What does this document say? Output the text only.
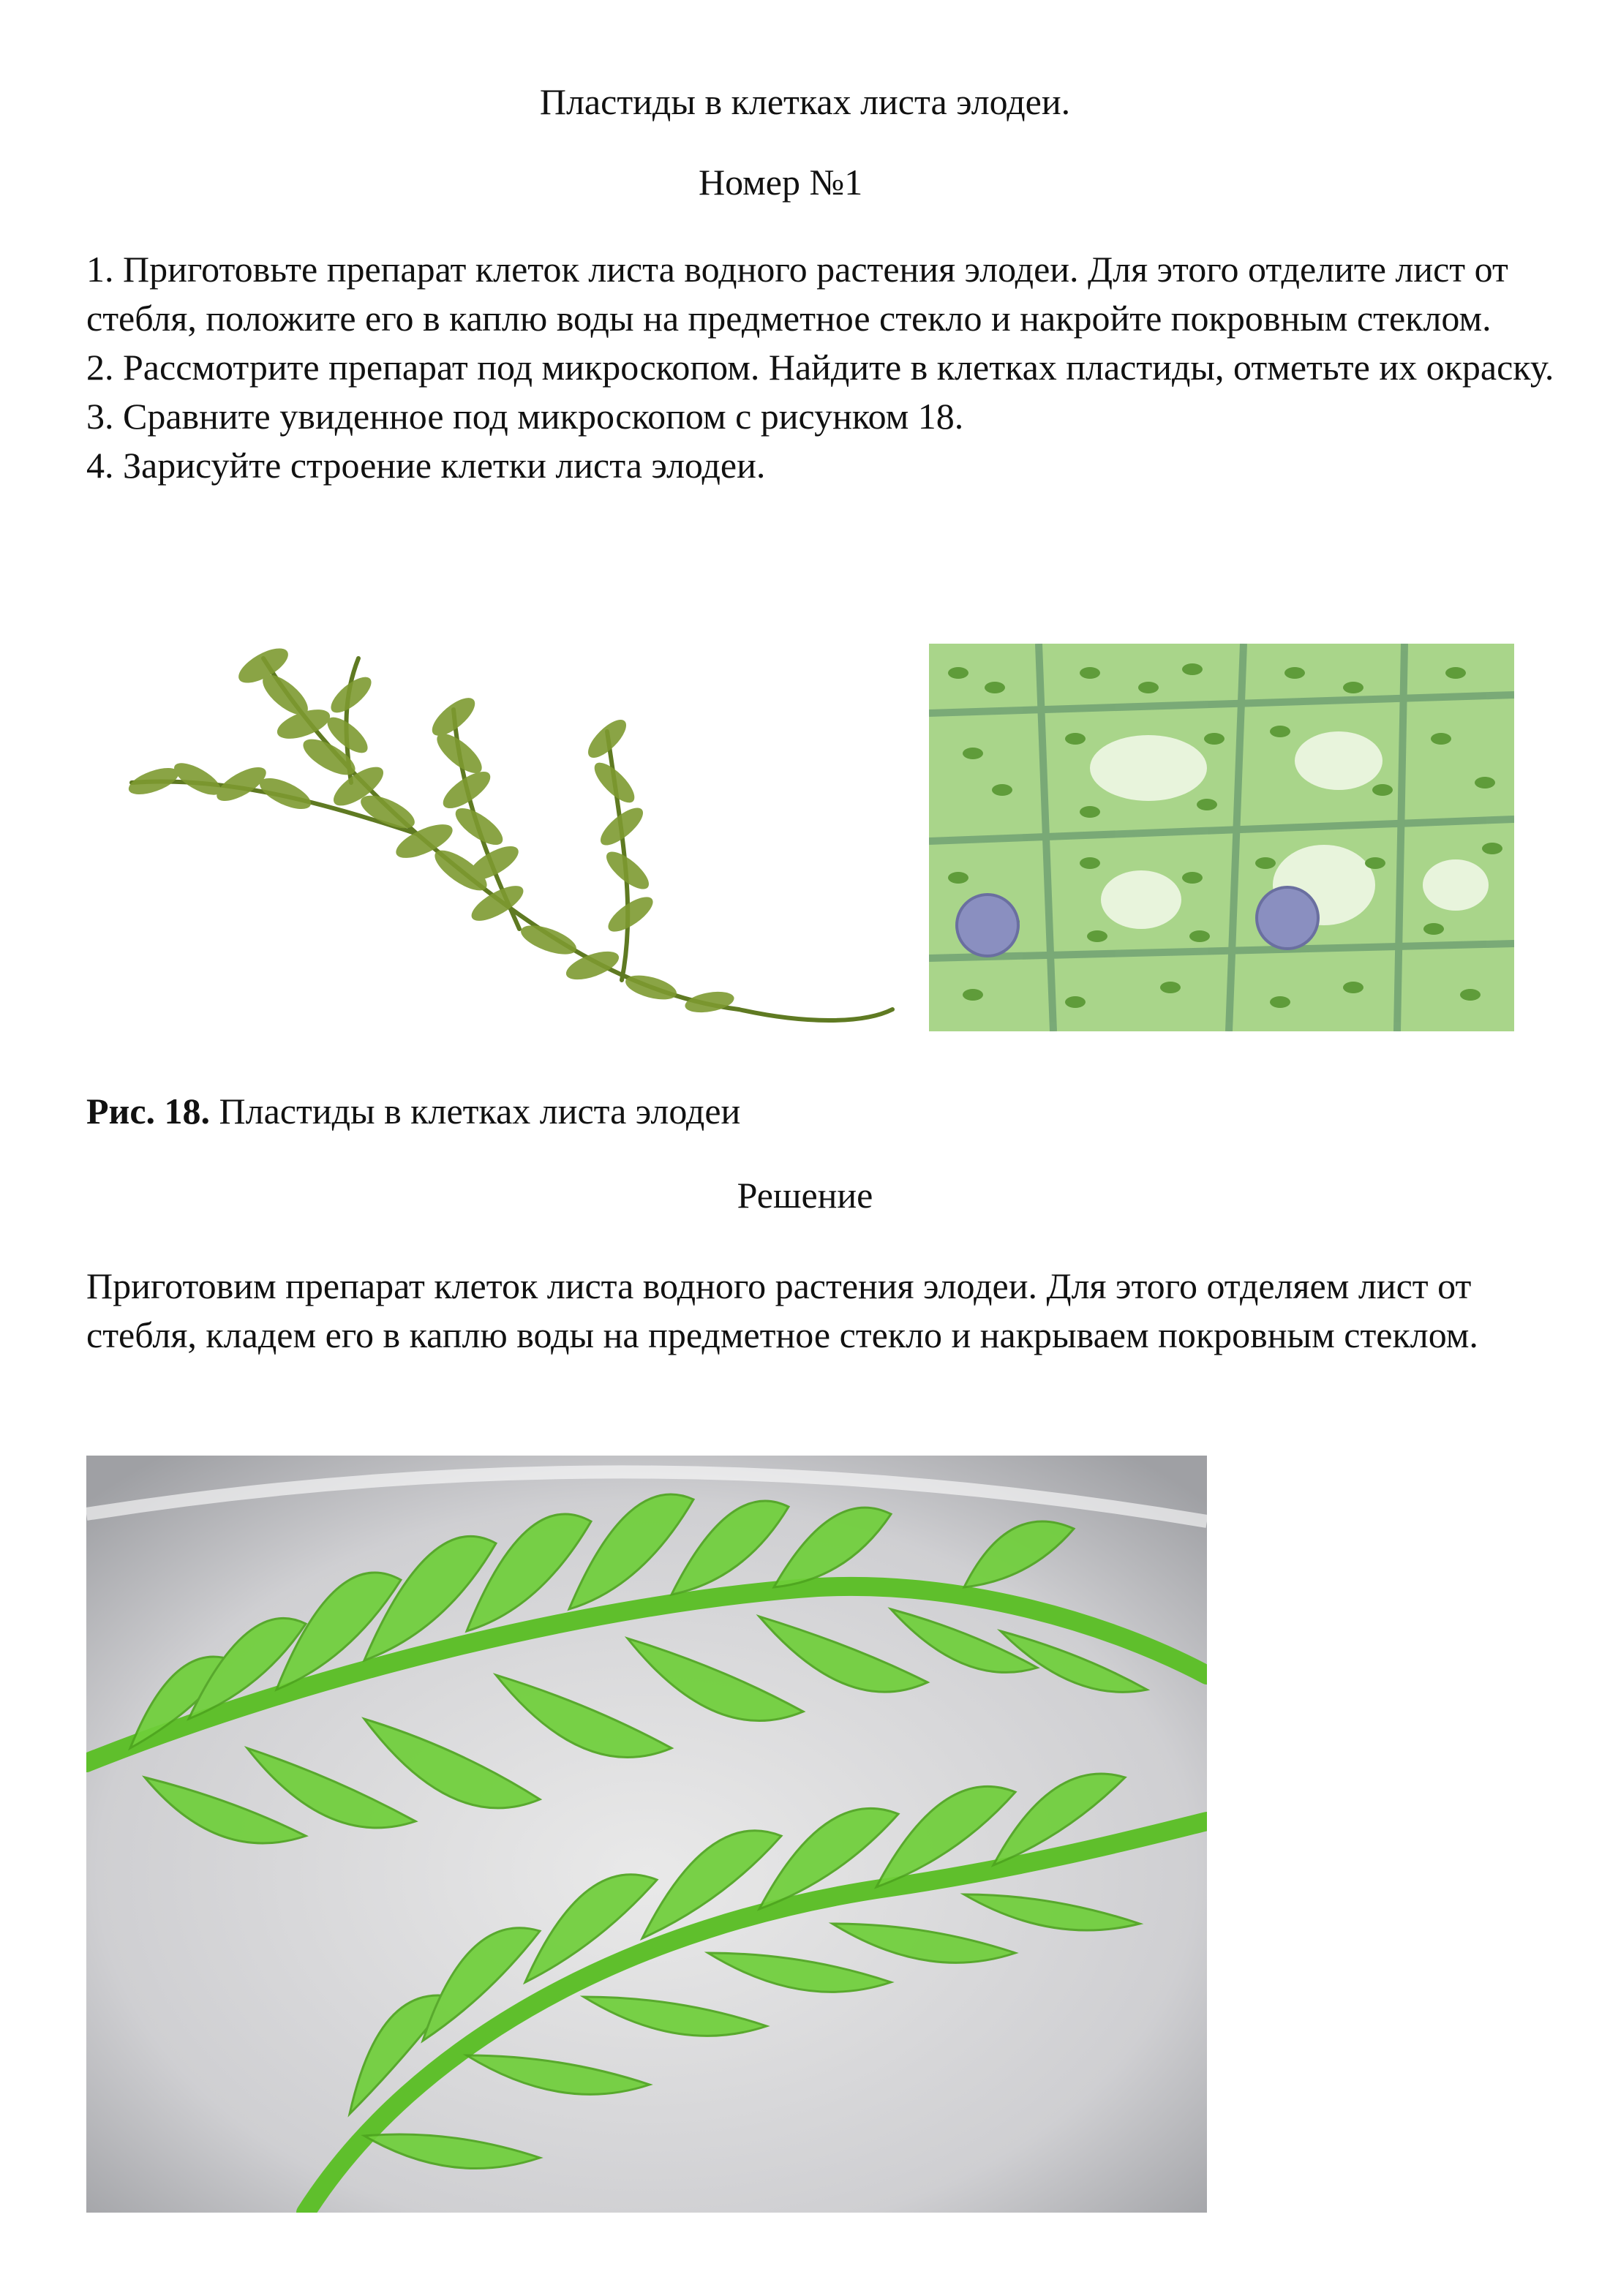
Пластиды в клетках листа элодеи.
Номер №1

1. Приготовьте препарат клеток листа водного растения элодеи. Для этого отделите лист от стебля, положите его в каплю воды на предметное стекло и накройте покровным стеклом.

2. Рассмотрите препарат под микроскопом. Найдите в клетках пластиды, отметьте их окраску.

3. Сравните увиденное под микроскопом с рисунком 18.

4. Зарисуйте строение клетки листа элодеи.

Рис. 18. Пластиды в клетках листа элодеи
Решение

Приготовим препарат клеток листа водного растения элодеи. Для этого отделяем лист от стебля, кладем его в каплю воды на предметное стекло и накрываем покровным стеклом.
